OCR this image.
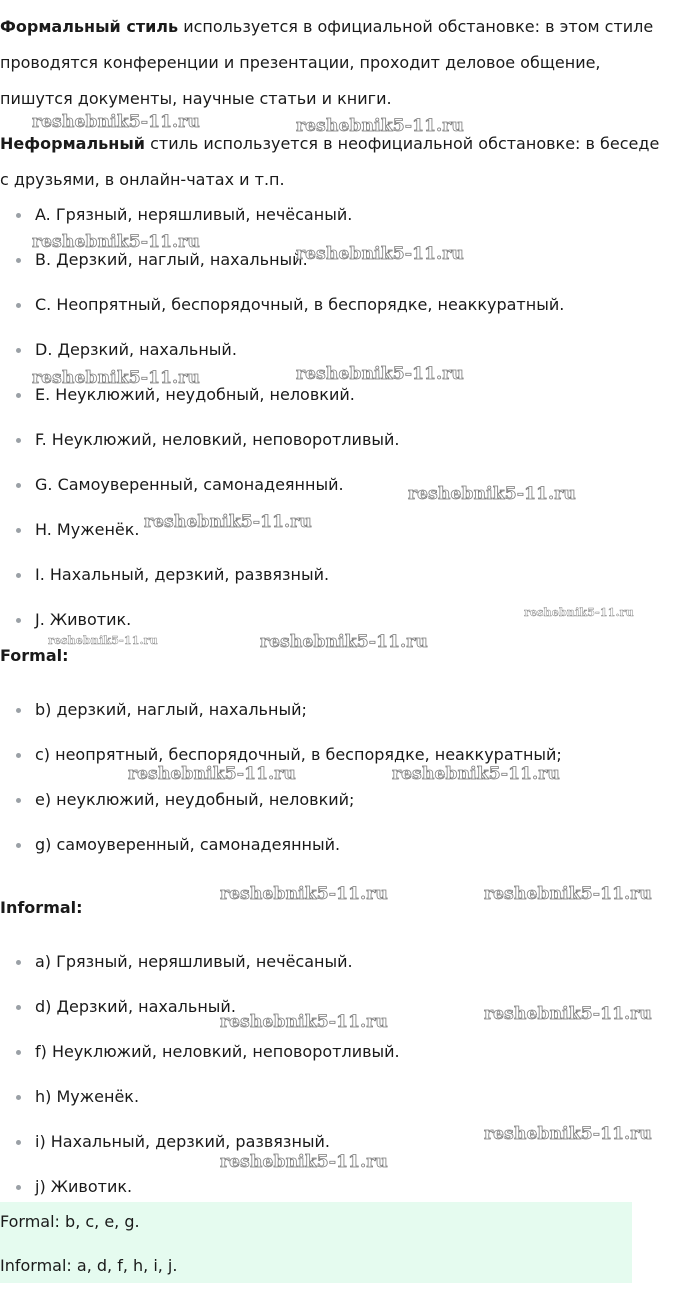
Формальный стиль используется в официальной обстановке: в этом стиле проводятся конференции и презентации, проходит деловое общение, пишутся документы, научные статьи и книги.

Неформальный стиль используется в неофициальной обстановке: в беседе с друзьями, в онлайн-чатах и т.п.

A. Грязный, неряшливый, нечёсаный.
B. Дерзкий, наглый, нахальный.
C. Неопрятный, беспорядочный, в беспорядке, неаккуратный.
D. Дерзкий, нахальный.
E. Неуклюжий, неудобный, неловкий.
F. Неуклюжий, неловкий, неповоротливый.
G. Самоуверенный, самонадеянный.
H. Муженёк.
I. Нахальный, дерзкий, развязный.
J. Животик.
Formal:
b) дерзкий, наглый, нахальный;
c) неопрятный, беспорядочный, в беспорядке, неаккуратный;
e) неуклюжий, неудобный, неловкий;
g) самоуверенный, самонадеянный.
Informal:
a) Грязный, неряшливый, нечёсаный.
d) Дерзкий, нахальный.
f) Неуклюжий, неловкий, неповоротливый.
h) Муженёк.
i) Нахальный, дерзкий, развязный.
j) Животик.
Formal: b, c, e, g.
Informal: a, d, f, h, i, j.
reshebnik5-11.ru	reshebnik5-11.ru
reshebnik5-11.ru
reshebnik5-11.ru
reshebnik5-11.ru	reshebnik5-11.ru
reshebnik5-11.ru
reshebnik5-11.ru
reshebnik5-11.ru
reshebnik5-11.ru	reshebnik5-11.ru
reshebnik5-11.ru	reshebnik5-11.ru
reshebnik5-11.ru	reshebnik5-11.ru
reshebnik5-11.ru
reshebnik5-11.ru
reshebnik5-11.ru
reshebnik5-11.ru
